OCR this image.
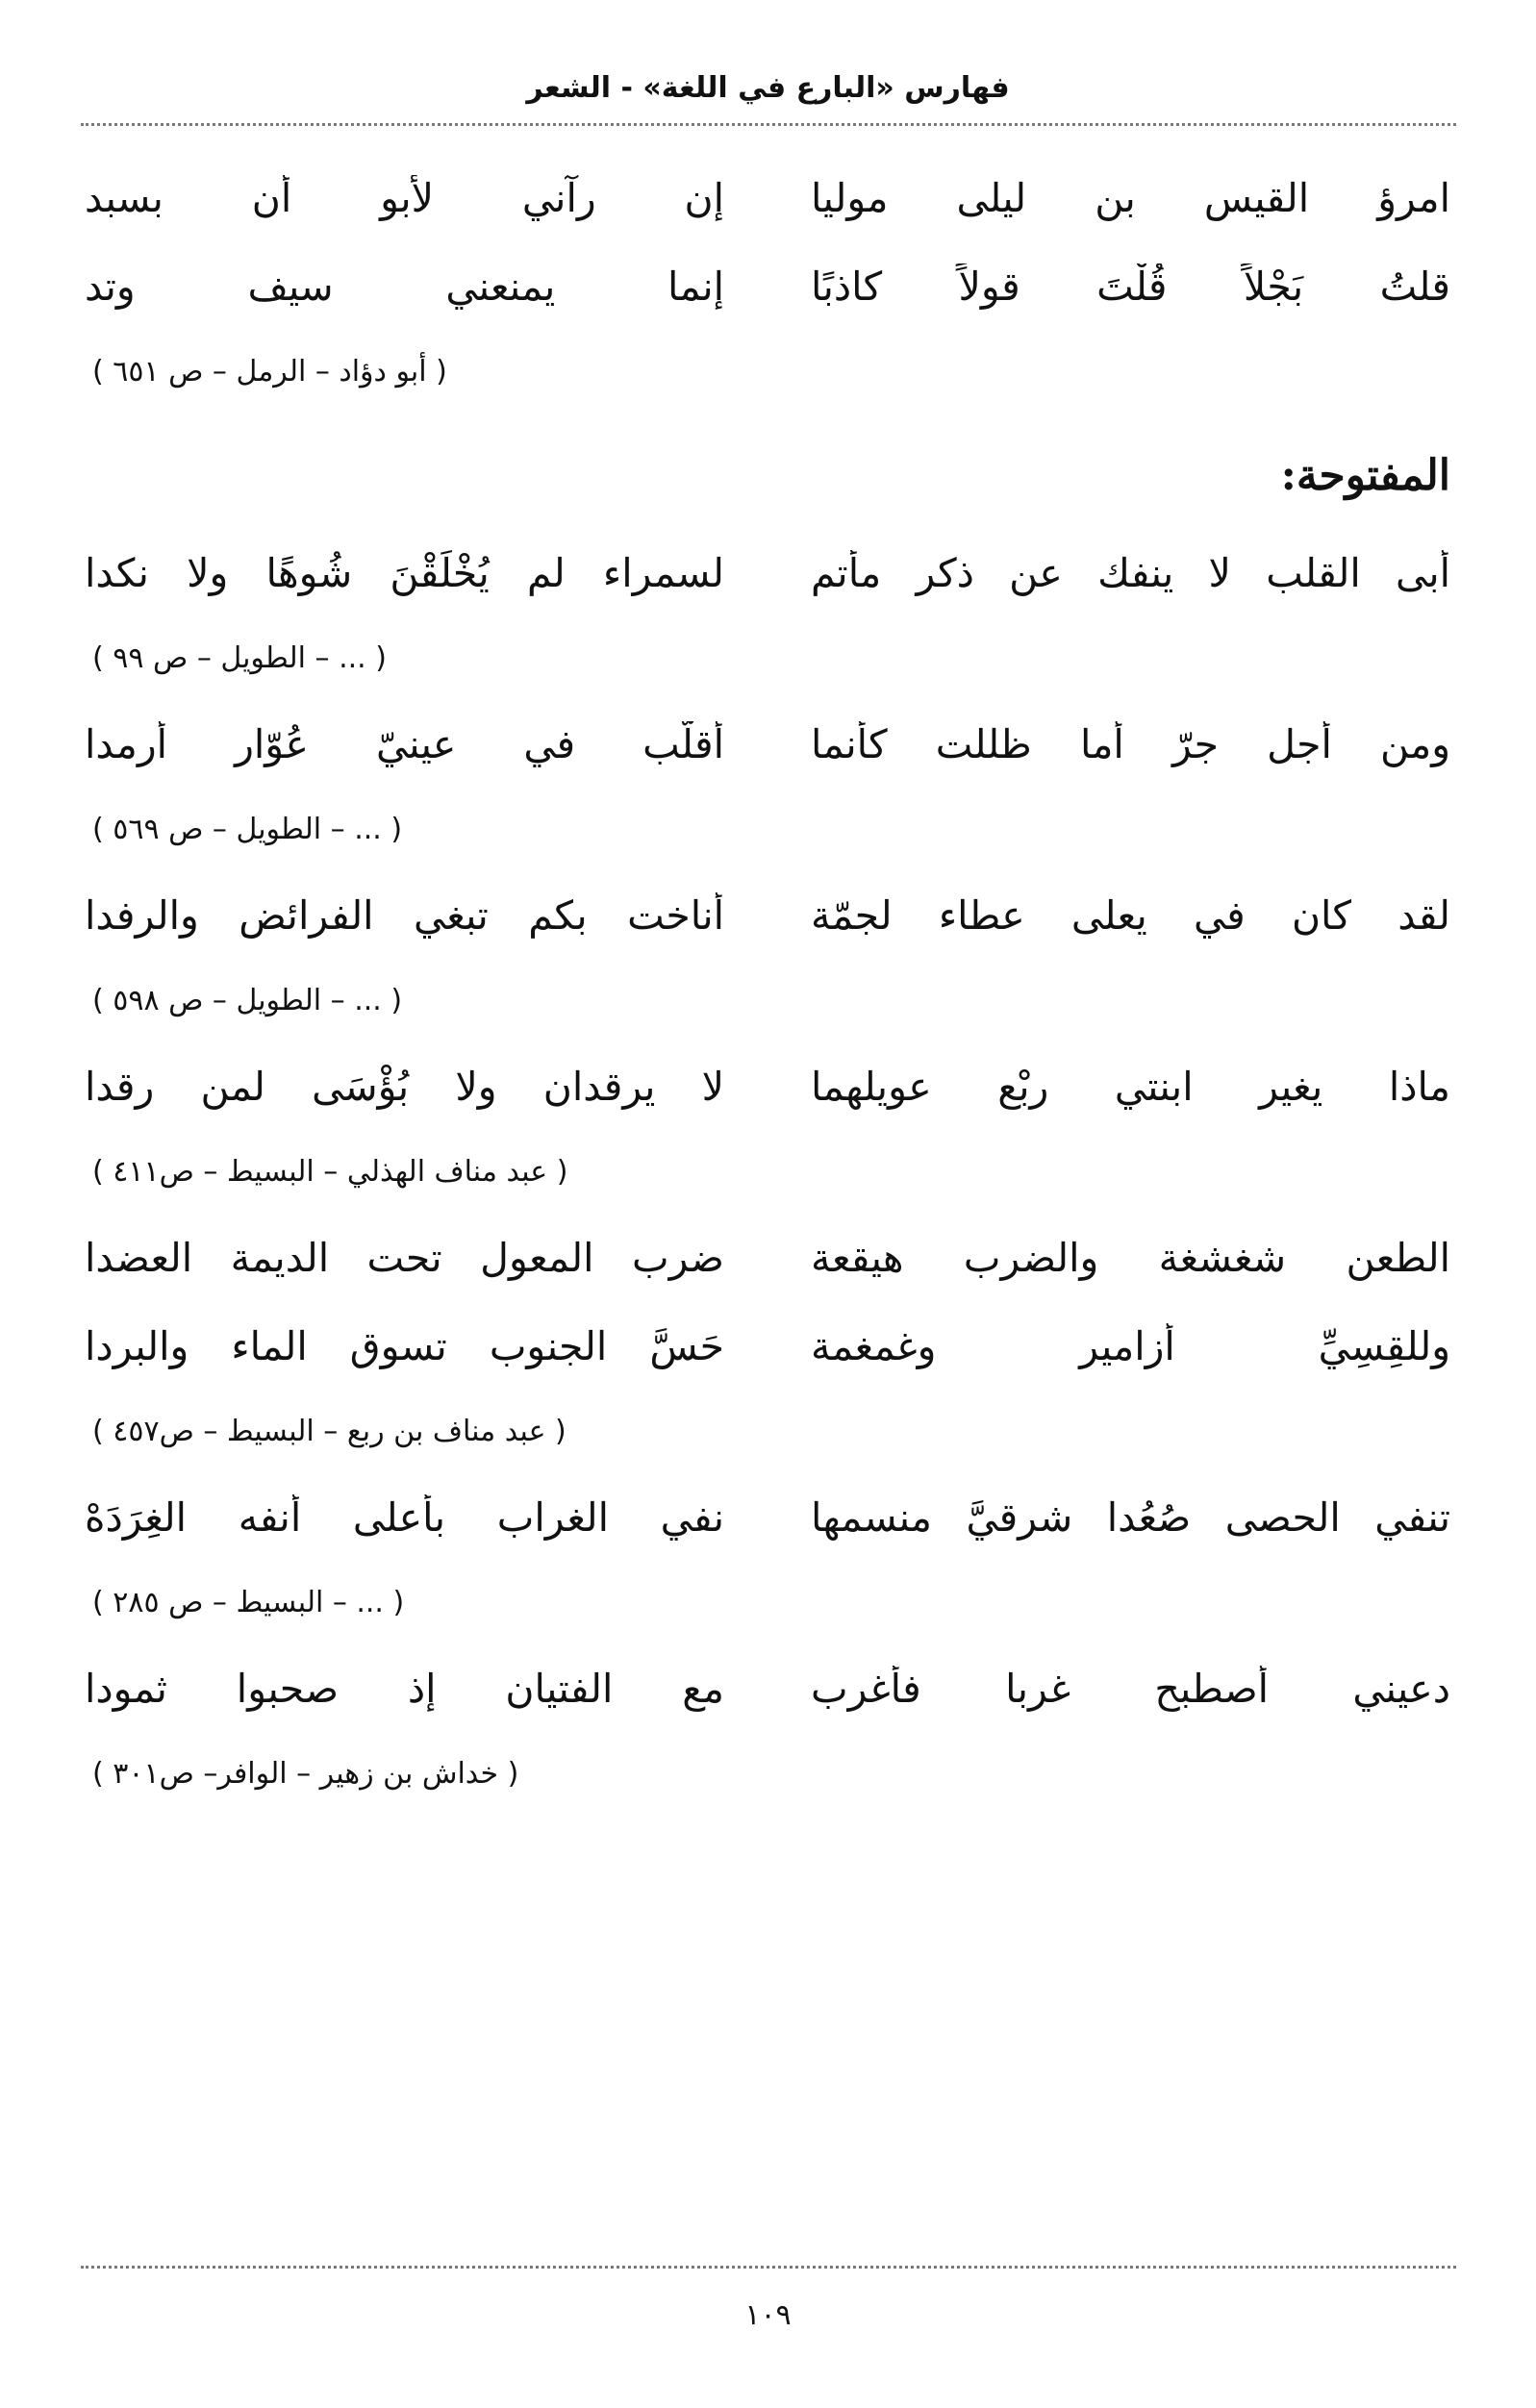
فهارس «البارع في اللغة» - الشعر
امرؤ القيس بن ليلى موليا
إن رآني لأبو أن بسبد
قلتُ بَجْلاً قُلْتَ قولاً كاذبًا
إنما يمنعني سيف وتد
( أبو دؤاد – الرمل – ص ٦٥١ )
المفتوحة:
أبى القلب لا ينفك عن ذكر مأتم
لسمراء لم يُخْلَقْنَ شُوهًا ولا نكدا
( ... – الطويل – ص ٩٩ )
ومن أجل جرّ أما ظللت كأنما
أقلّب في عينيّ عُوّار أرمدا
( ... – الطويل – ص ٥٦٩ )
لقد كان في يعلى عطاء لجمّة
أناخت بكم تبغي الفرائض والرفدا
( ... – الطويل – ص ٥٩٨ )
ماذا يغير ابنتي رِبْعٍ عويلهما
لا يرقدان ولا بُؤْسَى لمن رقدا
( عبد مناف الهذلي – البسيط – ص٤١١ )
الطعن شغشغة والضرب هيقعة
ضرب المعول تحت الديمة العضدا
وللقِسِيِّ أزامير وغمغمة
حَسَّ الجنوب تسوق الماء والبردا
( عبد مناف بن ربع – البسيط – ص٤٥٧ )
تنفي الحصى صُعُدا شرقيَّ منسمها
نفي الغراب بأعلى أنفه الغِرَدَهْ
( ... – البسيط – ص ٢٨٥ )
دعيني أصطبح غربا فأغرب
مع الفتيان إذ صحبوا ثمودا
( خداش بن زهير – الوافر– ص٣٠١ )
١٠٩
